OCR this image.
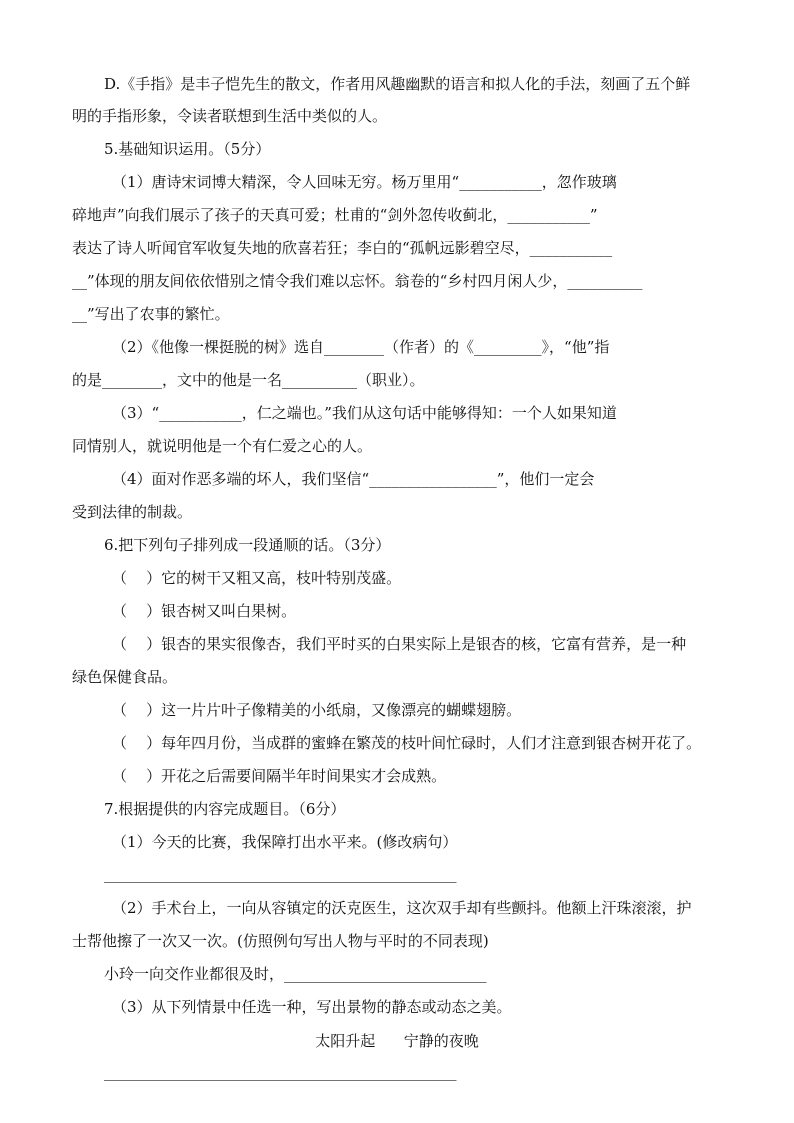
D.《手指》是丰子恺先生的散文，作者用风趣幽默的语言和拟人化的手法，刻画了五个鲜
明的手指形象，令读者联想到生活中类似的人。
5.基础知识运用。（5分）
（1）唐诗宋词博大精深，令人回味无穷。杨万里用“___________，忽作玻璃
碎地声”向我们展示了孩子的天真可爱；杜甫的“剑外忽传收蓟北，___________”
表达了诗人听闻官军收复失地的欣喜若狂；李白的“孤帆远影碧空尽，___________
__”体现的朋友间依依惜别之情令我们难以忘怀。翁卷的“乡村四月闲人少，__________
__”写出了农事的繁忙。
（2）《他像一棵挺脱的树》选自________（作者）的《_________》，“他”指
的是________，文中的他是一名__________（职业）。
（3）“___________，仁之端也。”我们从这句话中能够得知：一个人如果知道
同情别人，就说明他是一个有仁爱之心的人。
（4）面对作恶多端的坏人，我们坚信“_________________”，他们一定会
受到法律的制裁。
6.把下列句子排列成一段通顺的话。（3分）
（    ）它的树干又粗又高，枝叶特别茂盛。
（    ）银杏树又叫白果树。
（    ）银杏的果实很像杏，我们平时买的白果实际上是银杏的核，它富有营养，是一种
绿色保健食品。
（    ）这一片片叶子像精美的小纸扇，又像漂亮的蝴蝶翅膀。
（    ）每年四月份，当成群的蜜蜂在繁茂的枝叶间忙碌时，人们才注意到银杏树开花了。
（    ）开花之后需要间隔半年时间果实才会成熟。
7.根据提供的内容完成题目。（6分）
（1）今天的比赛，我保障打出水平来。(修改病句）
_______________________________________________
（2）手术台上，一向从容镇定的沃克医生，这次双手却有些颤抖。他额上汗珠滚滚，护
士帮他擦了一次又一次。(仿照例句写出人物与平时的不同表现)
小玲一向交作业都很及时，___________________________
（3）从下列情景中任选一种，写出景物的静态或动态之美。
太阳升起      宁静的夜晚
_______________________________________________
